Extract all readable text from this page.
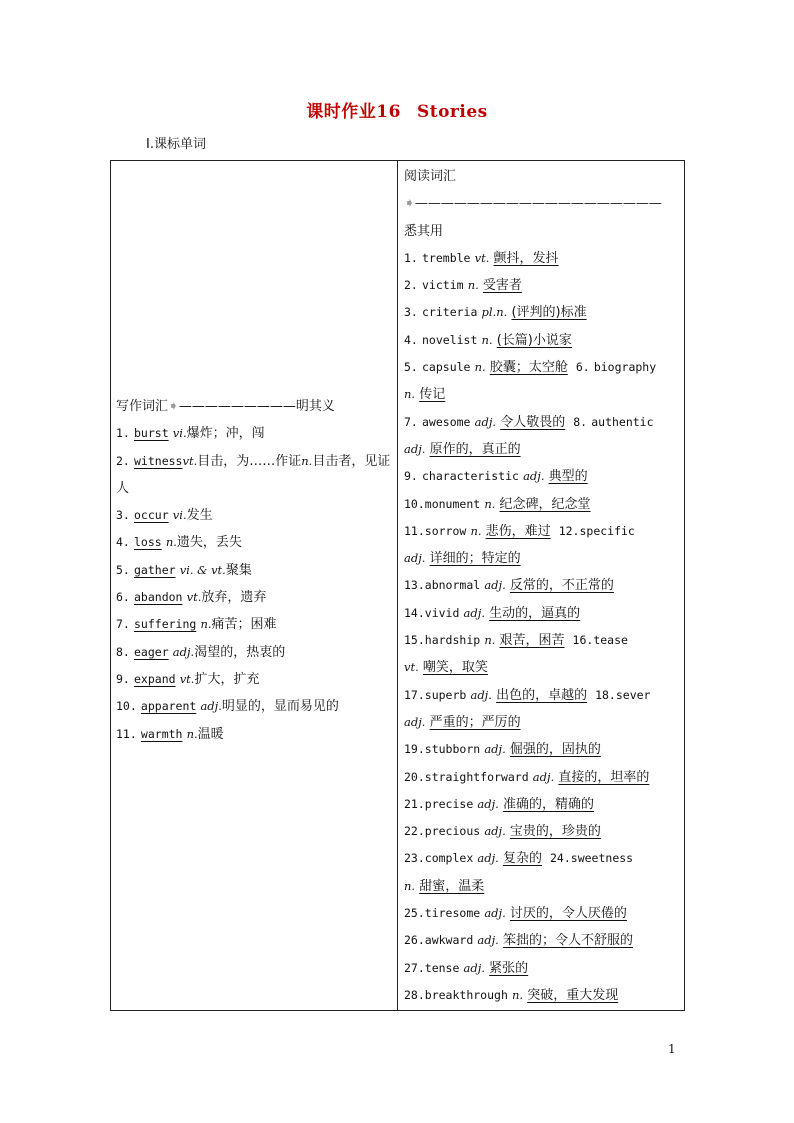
课时作业16 Stories
Ⅰ.课标单词
写作词汇➧—————————明其义
1. burst vi.爆炸；冲，闯
2. witnessvt.目击，为……作证n.目击者，见证人
3. occur vi.发生
4. loss n.遗失，丢失
5. gather vi. & vt.聚集
6. abandon vt.放弃，遗弃
7. suffering n.痛苦；困难
8. eager adj.渴望的，热衷的
9. expand vt.扩大，扩充
10. apparent adj.明显的，显而易见的
11. warmth n.温暖

阅读词汇
➧———————————————————
悉其用
1. tremble vt. 颤抖，发抖
2. victim n. 受害者
3. criteria pl.n. (评判的)标准
4. novelist n. (长篇)小说家
5. capsule n. 胶囊；太空舱 6. biography
n. 传记
7. awesome adj. 令人敬畏的 8. authentic
adj. 原作的，真正的
9. characteristic adj. 典型的
10.monument n. 纪念碑，纪念堂
11.sorrow n. 悲伤，难过 12.specific
adj. 详细的；特定的
13.abnormal adj. 反常的，不正常的
14.vivid adj. 生动的，逼真的
15.hardship n. 艰苦，困苦 16.tease
vt. 嘲笑，取笑
17.superb adj. 出色的，卓越的 18.sever
adj. 严重的；严厉的
19.stubborn adj. 倔强的，固执的
20.straightforward adj. 直接的，坦率的
21.precise adj. 准确的，精确的
22.precious adj. 宝贵的，珍贵的
23.complex adj. 复杂的 24.sweetness
n. 甜蜜，温柔
25.tiresome adj. 讨厌的，令人厌倦的
26.awkward adj. 笨拙的；令人不舒服的
27.tense adj. 紧张的
28.breakthrough n. 突破，重大发现
1
